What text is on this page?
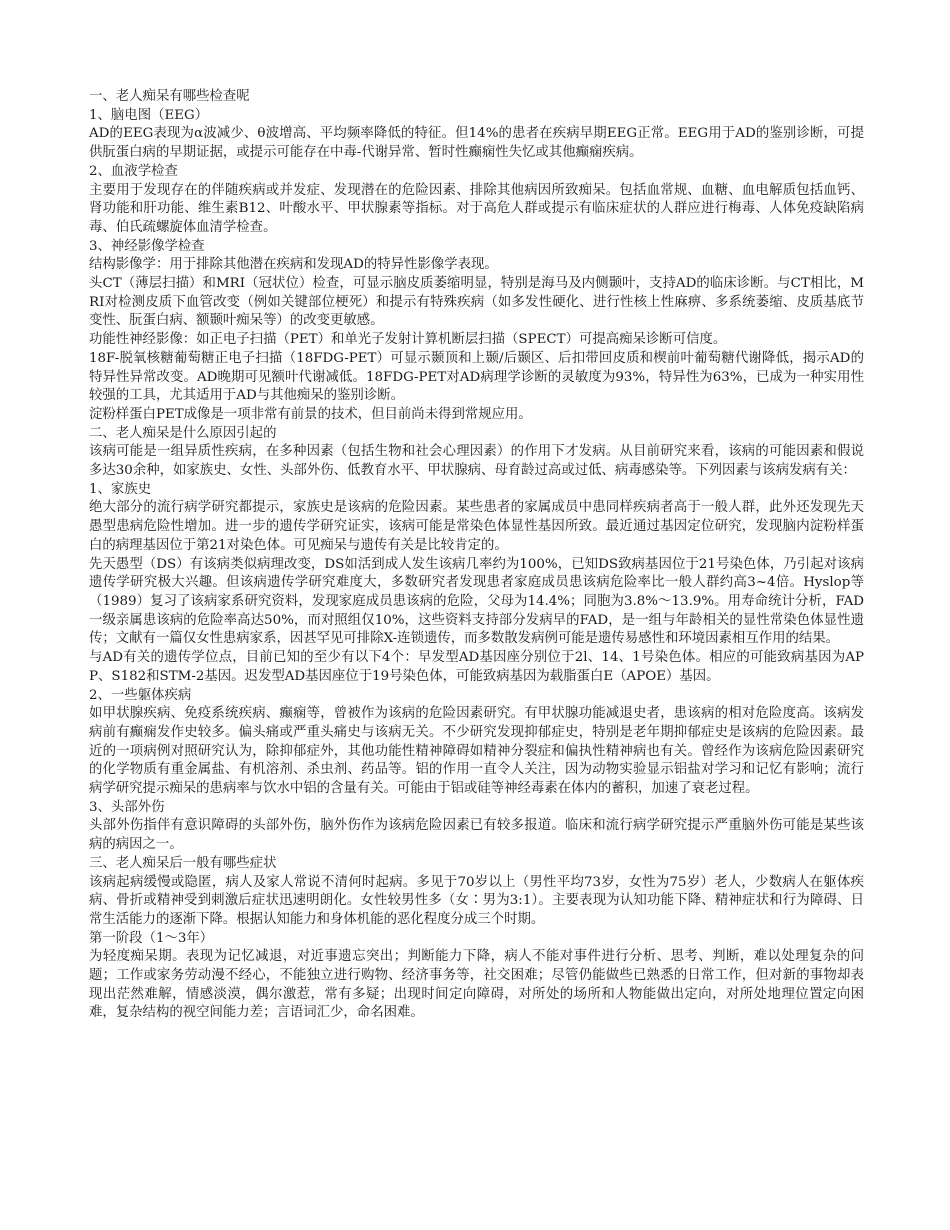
一、老人痴呆有哪些检查呢

1、脑电图（EEG）

AD的EEG表现为α波减少、θ波增高、平均频率降低的特征。但14%的患者在疾病早期EEG正常。EEG用于AD的鉴别诊断，可提供朊蛋白病的早期证据，或提示可能存在中毒-代谢异常、暂时性癫痫性失忆或其他癫痫疾病。

2、血液学检查

主要用于发现存在的伴随疾病或并发症、发现潜在的危险因素、排除其他病因所致痴呆。包括血常规、血糖、血电解质包括血钙、肾功能和肝功能、维生素B12、叶酸水平、甲状腺素等指标。对于高危人群或提示有临床症状的人群应进行梅毒、人体免疫缺陷病毒、伯氏疏螺旋体血清学检查。

3、神经影像学检查

结构影像学：用于排除其他潜在疾病和发现AD的特异性影像学表现。

头CT（薄层扫描）和MRI（冠状位）检查，可显示脑皮质萎缩明显，特别是海马及内侧颞叶，支持AD的临床诊断。与CT相比，MRI对检测皮质下血管改变（例如关键部位梗死）和提示有特殊疾病（如多发性硬化、进行性核上性麻痹、多系统萎缩、皮质基底节变性、朊蛋白病、额颞叶痴呆等）的改变更敏感。

功能性神经影像：如正电子扫描（PET）和单光子发射计算机断层扫描（SPECT）可提高痴呆诊断可信度。

18F-脱氧核糖葡萄糖正电子扫描（18FDG-PET）可显示颞顶和上颞/后颞区、后扣带回皮质和楔前叶葡萄糖代谢降低，揭示AD的特异性异常改变。AD晚期可见额叶代谢减低。18FDG-PET对AD病理学诊断的灵敏度为93%，特异性为63%，已成为一种实用性较强的工具，尤其适用于AD与其他痴呆的鉴别诊断。

淀粉样蛋白PET成像是一项非常有前景的技术，但目前尚未得到常规应用。

二、老人痴呆是什么原因引起的

该病可能是一组异质性疾病，在多种因素（包括生物和社会心理因素）的作用下才发病。从目前研究来看，该病的可能因素和假说多达30余种，如家族史、女性、头部外伤、低教育水平、甲状腺病、母育龄过高或过低、病毒感染等。下列因素与该病发病有关：

1、家族史

绝大部分的流行病学研究都提示，家族史是该病的危险因素。某些患者的家属成员中患同样疾病者高于一般人群，此外还发现先天愚型患病危险性增加。进一步的遗传学研究证实，该病可能是常染色体显性基因所致。最近通过基因定位研究，发现脑内淀粉样蛋白的病理基因位于第21对染色体。可见痴呆与遗传有关是比较肯定的。

先天愚型（DS）有该病类似病理改变，DS如活到成人发生该病几率约为100%，已知DS致病基因位于21号染色体，乃引起对该病遗传学研究极大兴趣。但该病遗传学研究难度大，多数研究者发现患者家庭成员患该病危险率比一般人群约高3~4倍。Hyslop等（1989）复习了该病家系研究资料，发现家庭成员患该病的危险，父母为14.4%；同胞为3.8%～13.9%。用寿命统计分析，FAD一级亲属患该病的危险率高达50%，而对照组仅10%，这些资料支持部分发病早的FAD，是一组与年龄相关的显性常染色体显性遗传；文献有一篇仅女性患病家系，因甚罕见可排除X-连锁遗传，而多数散发病例可能是遗传易感性和环境因素相互作用的结果。

与AD有关的遗传学位点，目前已知的至少有以下4个：早发型AD基因座分别位于2l、14、1号染色体。相应的可能致病基因为APP、S182和STM-2基因。迟发型AD基因座位于19号染色体，可能致病基因为载脂蛋白E（APOE）基因。

2、一些躯体疾病

如甲状腺疾病、免疫系统疾病、癫痫等，曾被作为该病的危险因素研究。有甲状腺功能减退史者，患该病的相对危险度高。该病发病前有癫痫发作史较多。偏头痛或严重头痛史与该病无关。不少研究发现抑郁症史，特别是老年期抑郁症史是该病的危险因素。最近的一项病例对照研究认为，除抑郁症外，其他功能性精神障碍如精神分裂症和偏执性精神病也有关。曾经作为该病危险因素研究的化学物质有重金属盐、有机溶剂、杀虫剂、药品等。铝的作用一直令人关注，因为动物实验显示铝盐对学习和记忆有影响；流行病学研究提示痴呆的患病率与饮水中铝的含量有关。可能由于铝或硅等神经毒素在体内的蓄积，加速了衰老过程。

3、头部外伤

头部外伤指伴有意识障碍的头部外伤，脑外伤作为该病危险因素已有较多报道。临床和流行病学研究提示严重脑外伤可能是某些该病的病因之一。

三、老人痴呆后一般有哪些症状

该病起病缓慢或隐匿，病人及家人常说不清何时起病。多见于70岁以上（男性平均73岁，女性为75岁）老人，少数病人在躯体疾病、骨折或精神受到刺激后症状迅速明朗化。女性较男性多（女∶男为3:1）。主要表现为认知功能下降、精神症状和行为障碍、日常生活能力的逐渐下降。根据认知能力和身体机能的恶化程度分成三个时期。

第一阶段（1～3年）

为轻度痴呆期。表现为记忆减退，对近事遗忘突出；判断能力下降，病人不能对事件进行分析、思考、判断，难以处理复杂的问题；工作或家务劳动漫不经心，不能独立进行购物、经济事务等，社交困难；尽管仍能做些已熟悉的日常工作，但对新的事物却表现出茫然难解，情感淡漠，偶尔激惹，常有多疑；出现时间定向障碍，对所处的场所和人物能做出定向，对所处地理位置定向困难，复杂结构的视空间能力差；言语词汇少，命名困难。
